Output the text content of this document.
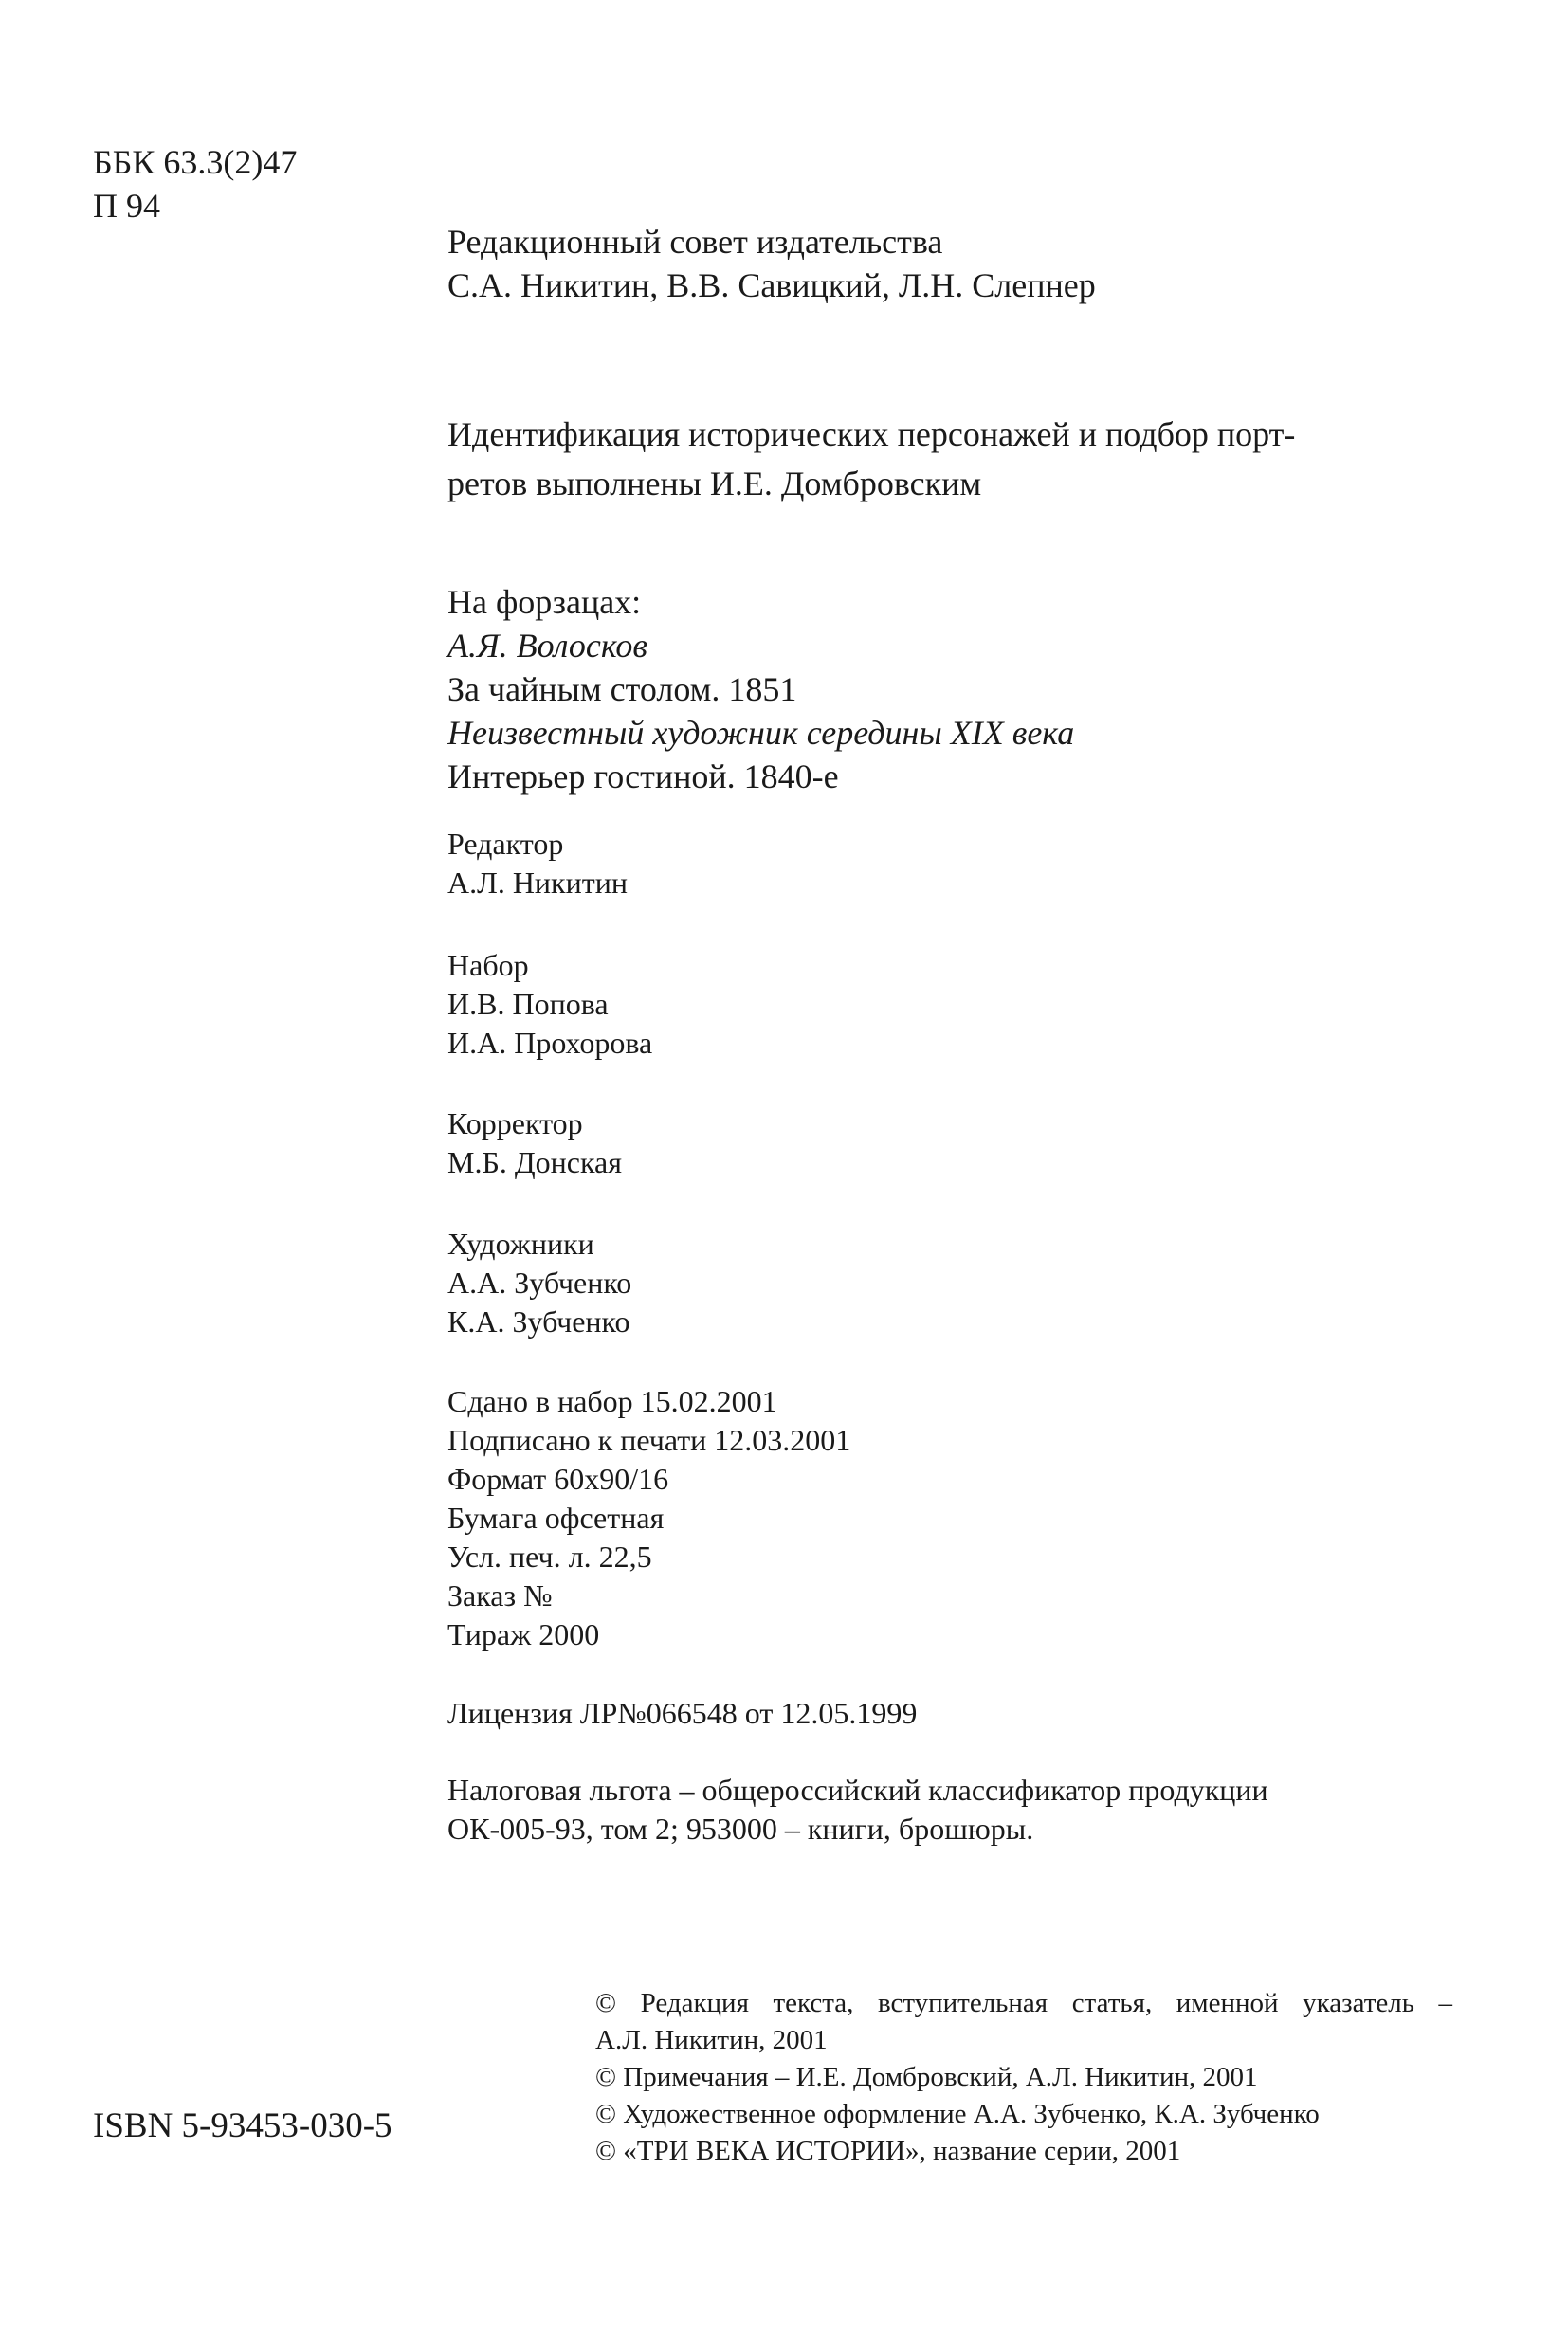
ББК 63.3(2)47
П 94
Редакционный совет издательства
С.А. Никитин, В.В. Савицкий, Л.Н. Слепнер
Идентификация исторических персонажей и подбор порт-
ретов выполнены И.Е. Домбровским
На форзацах:
А.Я. Волосков
За чайным столом. 1851
Неизвестный художник середины XIX века
Интерьер гостиной. 1840-е
Редактор
А.Л. Никитин
Набор
И.В. Попова
И.А. Прохорова
Корректор
М.Б. Донская
Художники
А.А. Зубченко
К.А. Зубченко
Сдано в набор 15.02.2001
Подписано к печати 12.03.2001
Формат 60x90/16
Бумага офсетная
Усл. печ. л. 22,5
Заказ №
Тираж 2000
Лицензия ЛР№066548 от 12.05.1999
Налоговая льгота – общероссийский классификатор продукции
ОК-005-93, том 2; 953000 – книги, брошюры.
© Редакция текста, вступительная статья, именной указатель –
А.Л. Никитин, 2001
© Примечания – И.Е. Домбровский, А.Л. Никитин, 2001
© Художественное оформление А.А. Зубченко, К.А. Зубченко
© «ТРИ ВЕКА ИСТОРИИ», название серии, 2001
ISBN 5-93453-030-5
